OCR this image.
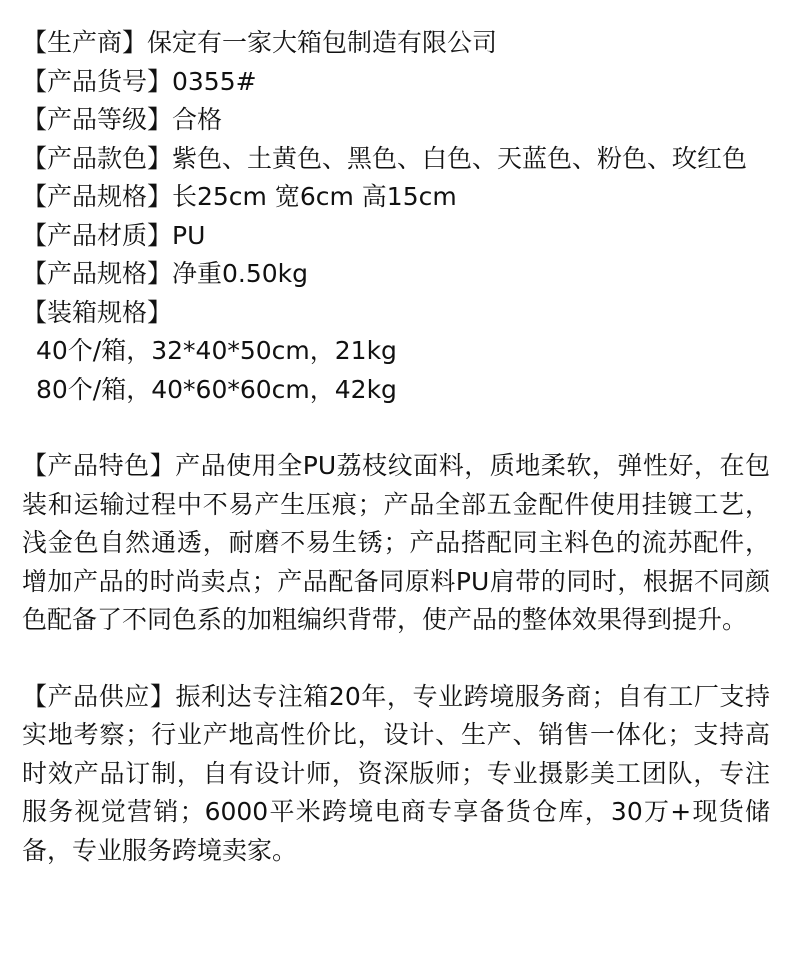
【生产商】保定有一家大箱包制造有限公司
【产品货号】0355#
【产品等级】合格
【产品款色】紫色、土黄色、黑色、白色、天蓝色、粉色、玫红色
【产品规格】长25cm 宽6cm 高15cm
【产品材质】PU
【产品规格】净重0.50kg
【装箱规格】
40个/箱，32*40*50cm，21kg
80个/箱，40*60*60cm，42kg
【产品特色】产品使用全PU荔枝纹面料，质地柔软，弹性好，在包装和运输过程中不易产生压痕；产品全部五金配件使用挂镀工艺，浅金色自然通透，耐磨不易生锈；产品搭配同主料色的流苏配件，增加产品的时尚卖点；产品配备同原料PU肩带的同时，根据不同颜色配备了不同色系的加粗编织背带，使产品的整体效果得到提升。
【产品供应】振利达专注箱20年，专业跨境服务商；自有工厂支持实地考察；行业产地高性价比，设计、生产、销售一体化；支持高时效产品订制，自有设计师，资深版师；专业摄影美工团队，专注服务视觉营销；6000平米跨境电商专享备货仓库，30万+现货储备，专业服务跨境卖家。
